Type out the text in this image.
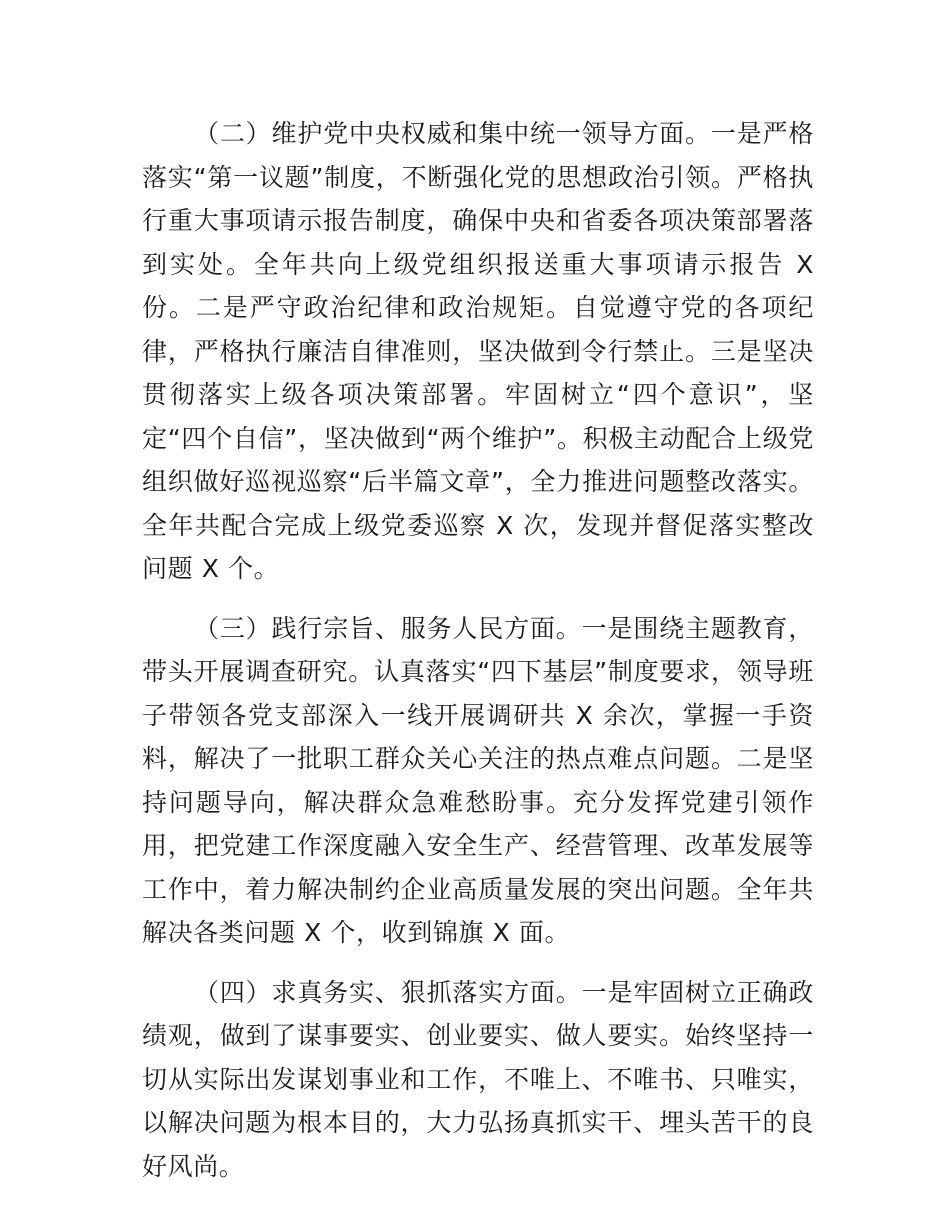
（二）维护党中央权威和集中统一领导方面。一是严格落实“第一议题”制度，不断强化党的思想政治引领。严格执行重大事项请示报告制度，确保中央和省委各项决策部署落到实处。全年共向上级党组织报送重大事项请示报告 X 份。二是严守政治纪律和政治规矩。自觉遵守党的各项纪律，严格执行廉洁自律准则，坚决做到令行禁止。三是坚决贯彻落实上级各项决策部署。牢固树立“四个意识”，坚定“四个自信”，坚决做到“两个维护”。积极主动配合上级党组织做好巡视巡察“后半篇文章”，全力推进问题整改落实。全年共配合完成上级党委巡察 X 次，发现并督促落实整改问题 X 个。

（三）践行宗旨、服务人民方面。一是围绕主题教育，带头开展调查研究。认真落实“四下基层”制度要求，领导班子带领各党支部深入一线开展调研共 X 余次，掌握一手资料，解决了一批职工群众关心关注的热点难点问题。二是坚持问题导向，解决群众急难愁盼事。充分发挥党建引领作用，把党建工作深度融入安全生产、经营管理、改革发展等工作中，着力解决制约企业高质量发展的突出问题。全年共解决各类问题 X 个，收到锦旗 X 面。

（四）求真务实、狠抓落实方面。一是牢固树立正确政绩观，做到了谋事要实、创业要实、做人要实。始终坚持一切从实际出发谋划事业和工作，不唯上、不唯书、只唯实，以解决问题为根本目的，大力弘扬真抓实干、埋头苦干的良好风尚。
